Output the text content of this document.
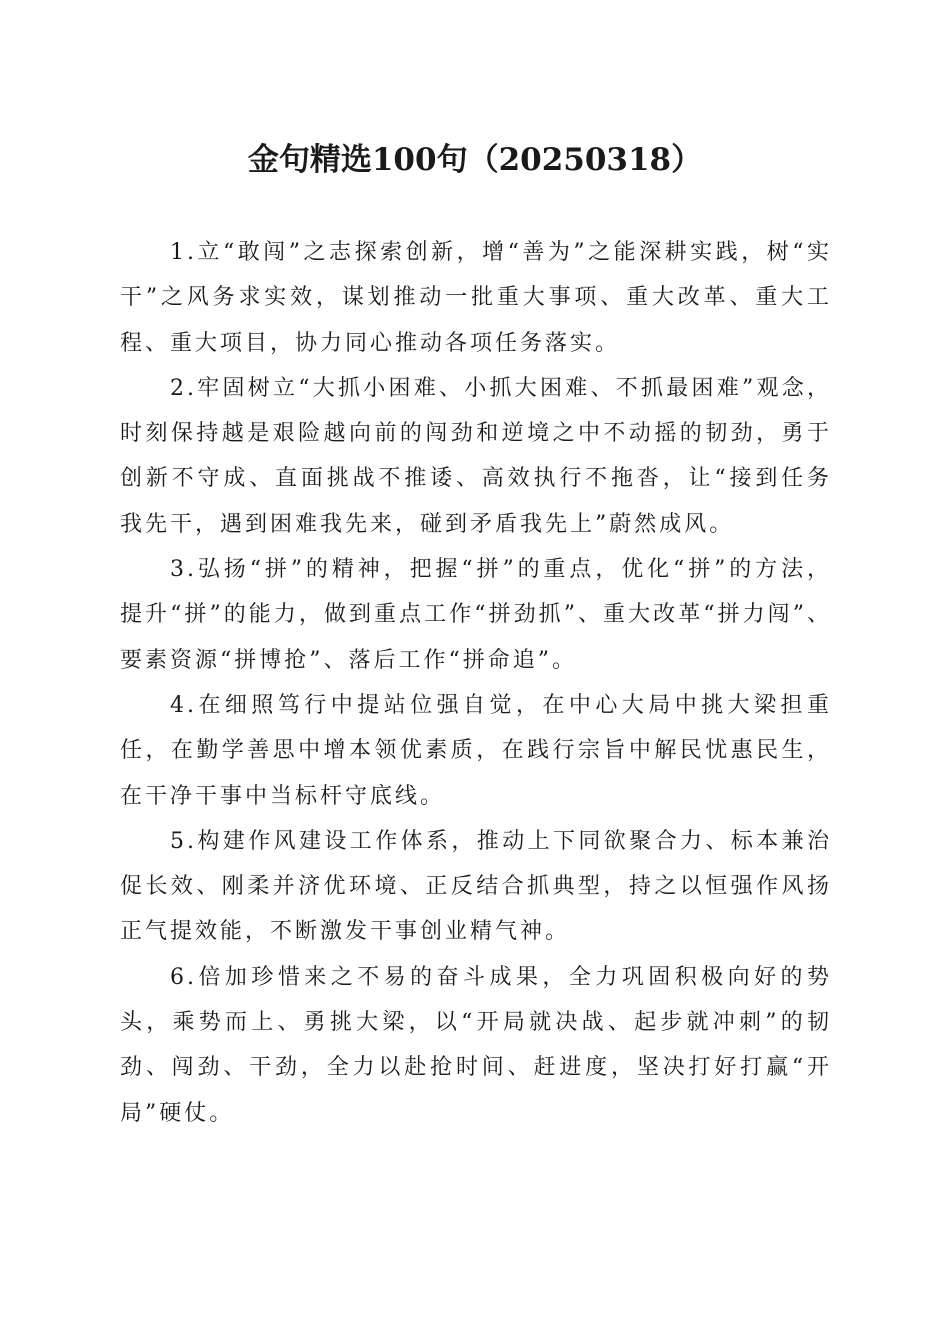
金句精选100句（20250318）

1.立“敢闯”之志探索创新，增“善为”之能深耕实践，树“实干”之风务求实效，谋划推动一批重大事项、重大改革、重大工程、重大项目，协力同心推动各项任务落实。

2.牢固树立“大抓小困难、小抓大困难、不抓最困难”观念，时刻保持越是艰险越向前的闯劲和逆境之中不动摇的韧劲，勇于创新不守成、直面挑战不推诿、高效执行不拖沓，让“接到任务我先干，遇到困难我先来，碰到矛盾我先上”蔚然成风。

3.弘扬“拼”的精神，把握“拼”的重点，优化“拼”的方法，提升“拼”的能力，做到重点工作“拼劲抓”、重大改革“拼力闯”、要素资源“拼博抢”、落后工作“拼命追”。

4.在细照笃行中提站位强自觉，在中心大局中挑大梁担重任，在勤学善思中增本领优素质，在践行宗旨中解民忧惠民生，在干净干事中当标杆守底线。

5.构建作风建设工作体系，推动上下同欲聚合力、标本兼治促长效、刚柔并济优环境、正反结合抓典型，持之以恒强作风扬正气提效能，不断激发干事创业精气神。

6.倍加珍惜来之不易的奋斗成果，全力巩固积极向好的势头，乘势而上、勇挑大梁，以“开局就决战、起步就冲刺”的韧劲、闯劲、干劲，全力以赴抢时间、赶进度，坚决打好打赢“开局”硬仗。
